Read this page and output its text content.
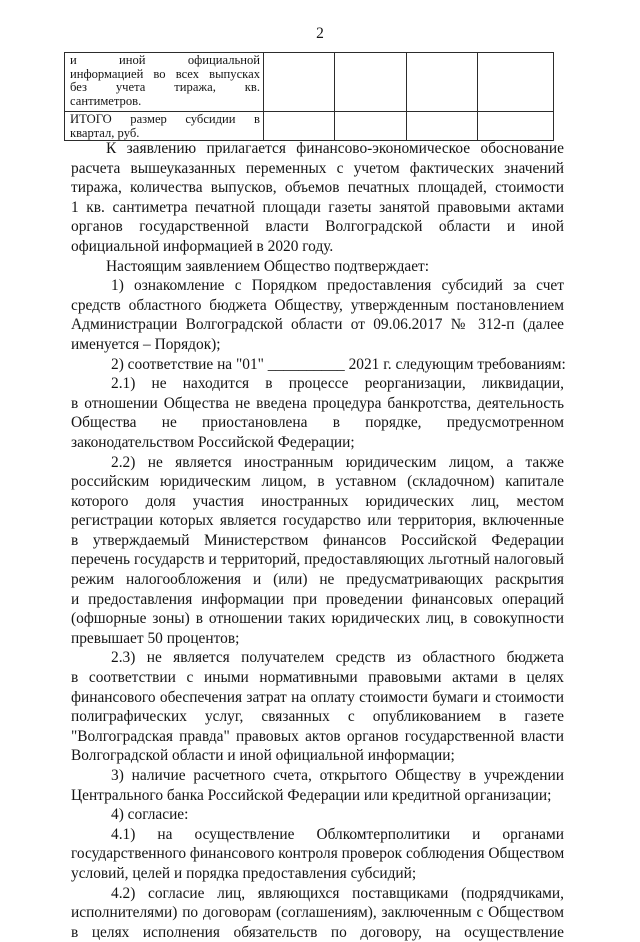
2
и иной официальной
информацией во всех выпусках
без учета тиража, кв.
сантиметров.				

ИТОГО размер субсидии в
квартал, руб.				

К заявлению прилагается финансово-экономическое обоснование
расчета вышеуказанных переменных с учетом фактических значений
тиража, количества выпусков, объемов печатных площадей, стоимости
1 кв. сантиметра печатной площади газеты занятой правовыми актами
органов государственной власти Волгоградской области и иной
официальной информацией в 2020 году.
Настоящим заявлением Общество подтверждает:
1) ознакомление с Порядком предоставления субсидий за счет
средств областного бюджета Обществу, утвержденным постановлением
Администрации Волгоградской области от 09.06.2017 № 312-п (далее
именуется – Порядок);
2) соответствие на "01" __________ 2021 г. следующим требованиям:
2.1) не находится в процессе реорганизации, ликвидации,
в отношении Общества не введена процедура банкротства, деятельность
Общества не приостановлена в порядке, предусмотренном
законодательством Российской Федерации;
2.2) не является иностранным юридическим лицом, а также
российским юридическим лицом, в уставном (складочном) капитале
которого доля участия иностранных юридических лиц, местом
регистрации которых является государство или территория, включенные
в утверждаемый Министерством финансов Российской Федерации
перечень государств и территорий, предоставляющих льготный налоговый
режим налогообложения и (или) не предусматривающих раскрытия
и предоставления информации при проведении финансовых операций
(офшорные зоны) в отношении таких юридических лиц, в совокупности
превышает 50 процентов;
2.3) не является получателем средств из областного бюджета
в соответствии с иными нормативными правовыми актами в целях
финансового обеспечения затрат на оплату стоимости бумаги и стоимости
полиграфических услуг, связанных с опубликованием в газете
"Волгоградская правда" правовых актов органов государственной власти
Волгоградской области и иной официальной информации;
3) наличие расчетного счета, открытого Обществу в учреждении
Центрального банка Российской Федерации или кредитной организации;
4) согласие:
4.1) на осуществление Облкомтерполитики и органами
государственного финансового контроля проверок соблюдения Обществом
условий, целей и порядка предоставления субсидий;
4.2) согласие лиц, являющихся поставщиками (подрядчиками,
исполнителями) по договорам (соглашениям), заключенным с Обществом
в целях исполнения обязательств по договору, на осуществление
